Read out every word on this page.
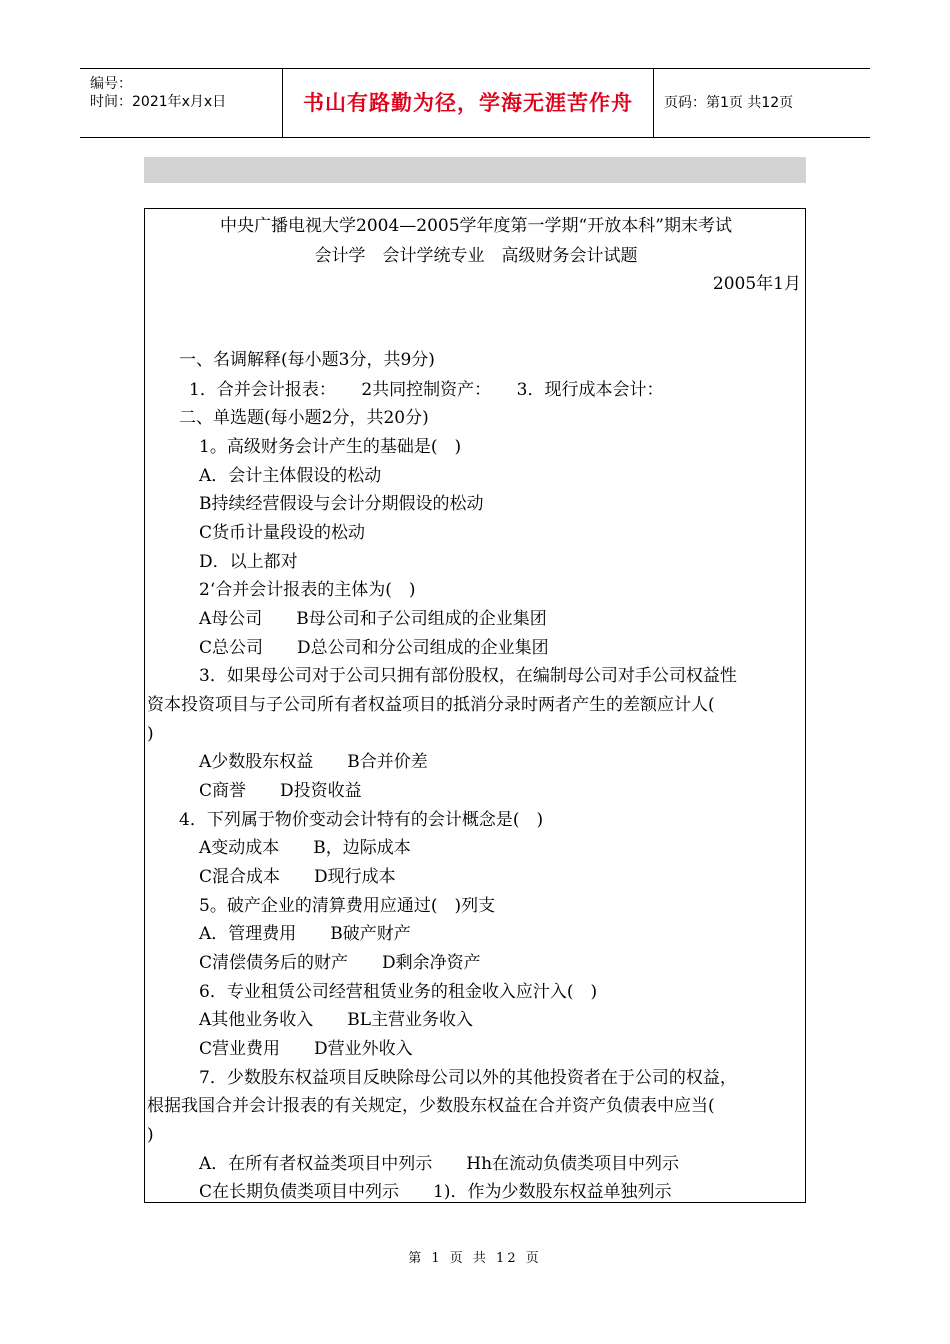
编号：
时间：2021年x月x日	书山有路勤为径，学海无涯苦作舟	页码：第1页 共12页
中央广播电视大学2004—2005学年度第一学期“开放本科”期末考试
会计学　会计学统专业　高级财务会计试题
2005年1月
一、名调解释(每小题3分，共9分)
1．合并会计报表：　　2共同控制资产：　　3．现行成本会计：
二、单选题(每小题2分，共20分)
1。高级财务会计产生的基础是(　)
A．会计主体假设的松动
B持续经营假设与会计分期假设的松动
C货币计量段设的松动
D．以上都对
2‘合并会计报表的主体为(　)
A母公司　　B母公司和子公司组成的企业集团
C总公司　　D总公司和分公司组成的企业集团
3．如果母公司对于公司只拥有部份股权，在编制母公司对手公司权益性
资本投资项目与子公司所有者权益项目的抵消分录时两者产生的差额应计人(
)
A少数股东权益　　B合并价差
C商誉　　D投资收益
4．下列属于物价变动会计特有的会计概念是(　)
A变动成本　　B，边际成本
C混合成本　　D现行成本
5。破产企业的清算费用应通过(　)列支
A．管理费用　　B破产财产
C清偿债务后的财产　　D剩余净资产
6．专业租赁公司经营租赁业务的租金收入应汁入(　)
A其他业务收入　　BL主营业务收入
C营业费用　　D营业外收入
7．少数股东权益项目反映除母公司以外的其他投资者在于公司的权益，
根据我国合并会计报表的有关规定，少数股东权益在合并资产负债表中应当(
)
A．在所有者权益类项目中列示　　Hh在流动负债类项目中列示
C在长期负债类项目中列示　　1)．作为少数股东权益单独列示
第 1 页 共 12 页
